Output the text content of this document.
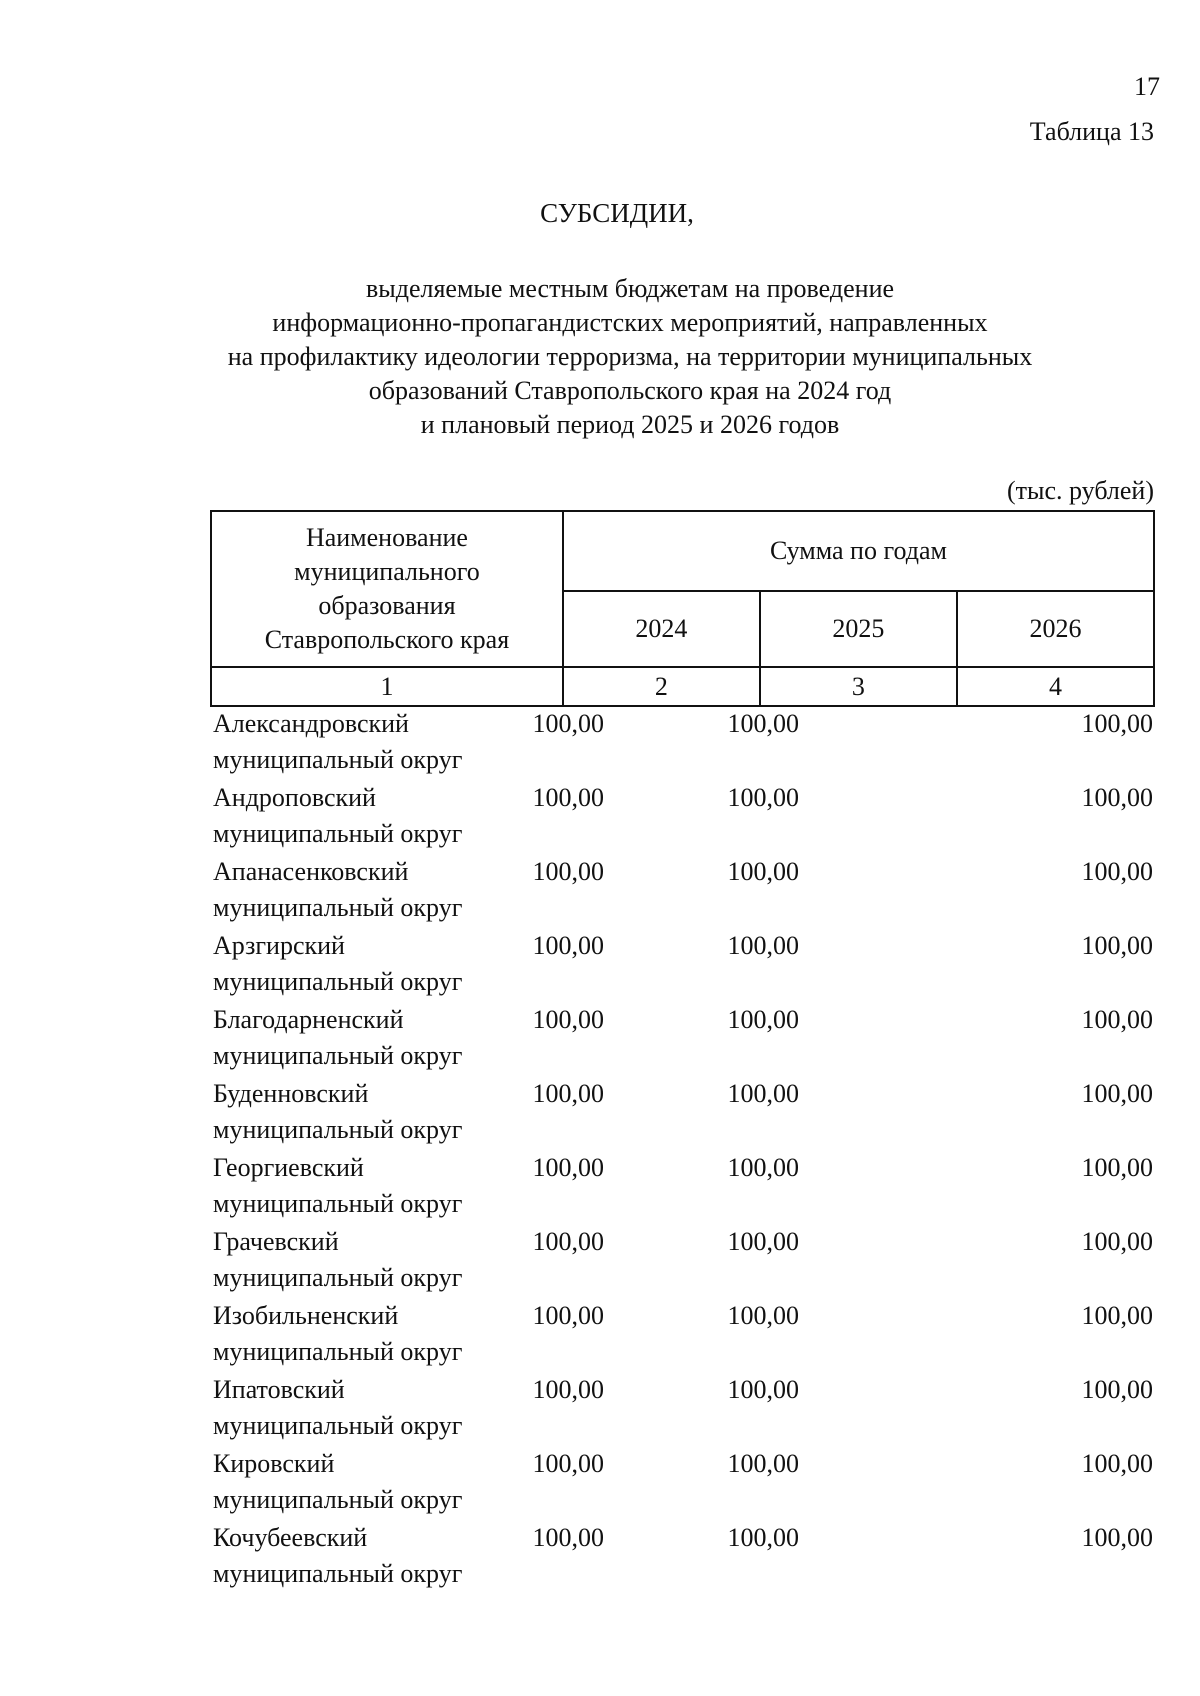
17
Таблица 13
СУБСИДИИ,
выделяемые местным бюджетам на проведение
информационно-пропагандистских мероприятий, направленных
на профилактику идеологии терроризма, на территории муниципальных
образований Ставропольского края на 2024 год
и плановый период 2025 и 2026 годов
(тыс. рублей)
Наименование
муниципального
образования
Ставропольского края	Сумма по годам		
	2024	2025	2026
1	2	3	4
Александровский
муниципальный округ
100,00	100,00	100,00
Андроповский
муниципальный округ
100,00	100,00	100,00
Апанасенковский
муниципальный округ
100,00	100,00	100,00
Арзгирский
муниципальный округ
100,00	100,00	100,00
Благодарненский
муниципальный округ
100,00	100,00	100,00
Буденновский
муниципальный округ
100,00	100,00	100,00
Георгиевский
муниципальный округ
100,00	100,00	100,00
Грачевский
муниципальный округ
100,00	100,00	100,00
Изобильненский
муниципальный округ
100,00	100,00	100,00
Ипатовский
муниципальный округ
100,00	100,00	100,00
Кировский
муниципальный округ
100,00	100,00	100,00
Кочубеевский
муниципальный округ
100,00	100,00	100,00
